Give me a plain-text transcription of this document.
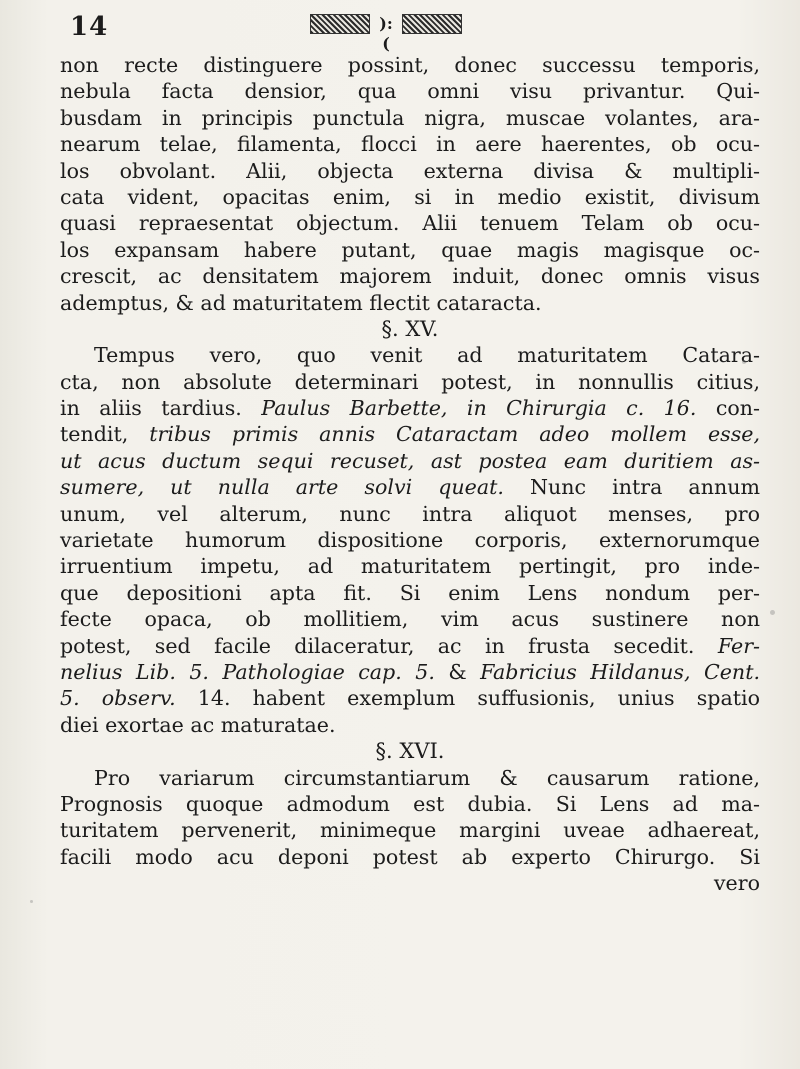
14	):(
non recte distinguere possint, donec successu temporis,
nebula facta densior, qua omni visu privantur. Qui-
busdam in principis punctula nigra, muscae volantes, ara-
nearum telae, filamenta, flocci in aere haerentes, ob ocu-
los obvolant. Alii, objecta externa divisa & multipli-
cata vident, opacitas enim, si in medio existit, divisum
quasi repraesentat objectum. Alii tenuem Telam ob ocu-
los expansam habere putant, quae magis magisque oc-
crescit, ac densitatem majorem induit, donec omnis visus
ademptus, & ad maturitatem flectit cataracta.
§. XV.
Tempus vero, quo venit ad maturitatem Catara-
cta, non absolute determinari potest, in nonnullis citius,
in aliis tardius. Paulus Barbette, in Chirurgia c. 16. con-
tendit, tribus primis annis Cataractam adeo mollem esse,
ut acus ductum sequi recuset, ast postea eam duritiem as-
sumere, ut nulla arte solvi queat. Nunc intra annum
unum, vel alterum, nunc intra aliquot menses, pro
varietate humorum dispositione corporis, externorumque
irruentium impetu, ad maturitatem pertingit, pro inde-
que depositioni apta fit. Si enim Lens nondum per-
fecte opaca, ob mollitiem, vim acus sustinere non
potest, sed facile dilaceratur, ac in frusta secedit. Fer-
nelius Lib. 5. Pathologiae cap. 5. & Fabricius Hildanus, Cent.
5. observ. 14. habent exemplum suffusionis, unius spatio
diei exortae ac maturatae.
§. XVI.
Pro variarum circumstantiarum & causarum ratione,
Prognosis quoque admodum est dubia. Si Lens ad ma-
turitatem pervenerit, minimeque margini uveae adhaereat,
facili modo acu deponi potest ab experto Chirurgo. Si
vero
